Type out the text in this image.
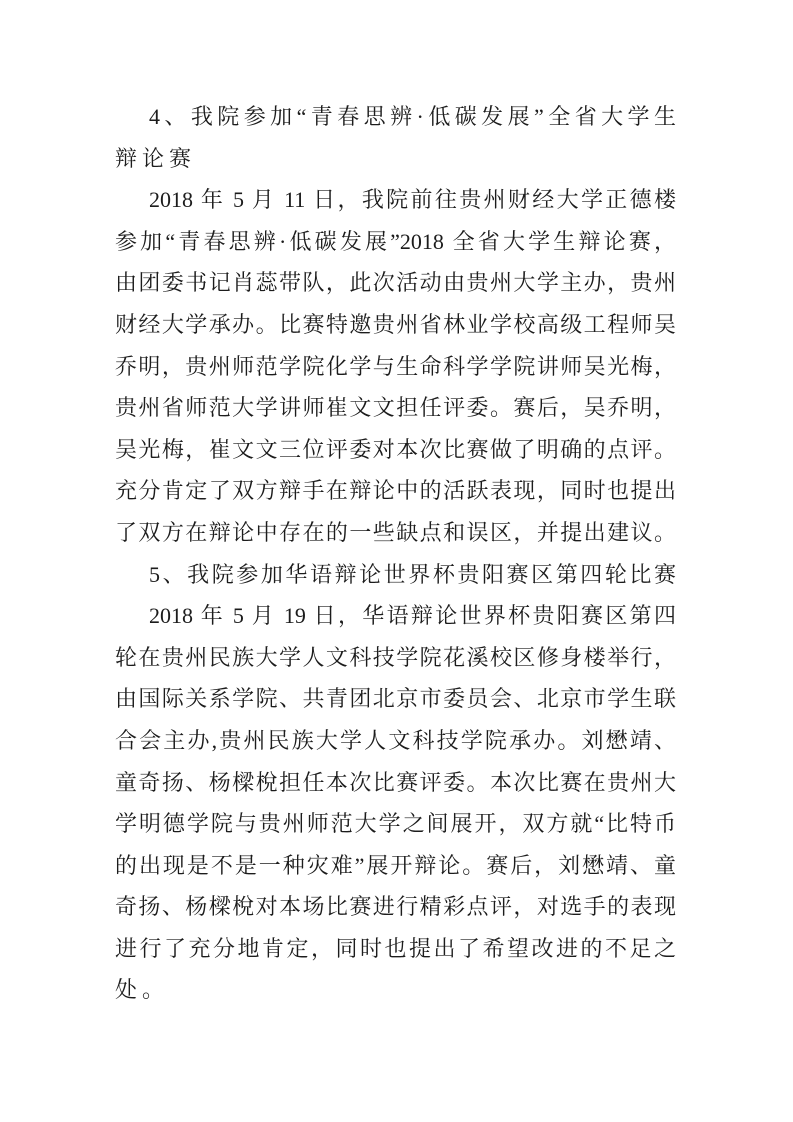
4、我院参加“青春思辨·低碳发展”全省大学生
辩论赛
2018 年 5 月 11 日，我院前往贵州财经大学正德楼
参加“青春思辨·低碳发展”2018 全省大学生辩论赛，
由团委书记肖蕊带队，此次活动由贵州大学主办，贵州
财经大学承办。比赛特邀贵州省林业学校高级工程师吴
乔明，贵州师范学院化学与生命科学学院讲师吴光梅，
贵州省师范大学讲师崔文文担任评委。赛后，吴乔明，
吴光梅，崔文文三位评委对本次比赛做了明确的点评。
充分肯定了双方辩手在辩论中的活跃表现，同时也提出
了双方在辩论中存在的一些缺点和误区，并提出建议。
5、我院参加华语辩论世界杯贵阳赛区第四轮比赛
2018 年 5 月 19 日，华语辩论世界杯贵阳赛区第四
轮在贵州民族大学人文科技学院花溪校区修身楼举行，
由国际关系学院、共青团北京市委员会、北京市学生联
合会主办,贵州民族大学人文科技学院承办。刘懋靖、
童奇扬、杨樑梲担任本次比赛评委。本次比赛在贵州大
学明德学院与贵州师范大学之间展开，双方就“比特币
的出现是不是一种灾难”展开辩论。赛后，刘懋靖、童
奇扬、杨樑梲对本场比赛进行精彩点评，对选手的表现
进行了充分地肯定，同时也提出了希望改进的不足之
处。
